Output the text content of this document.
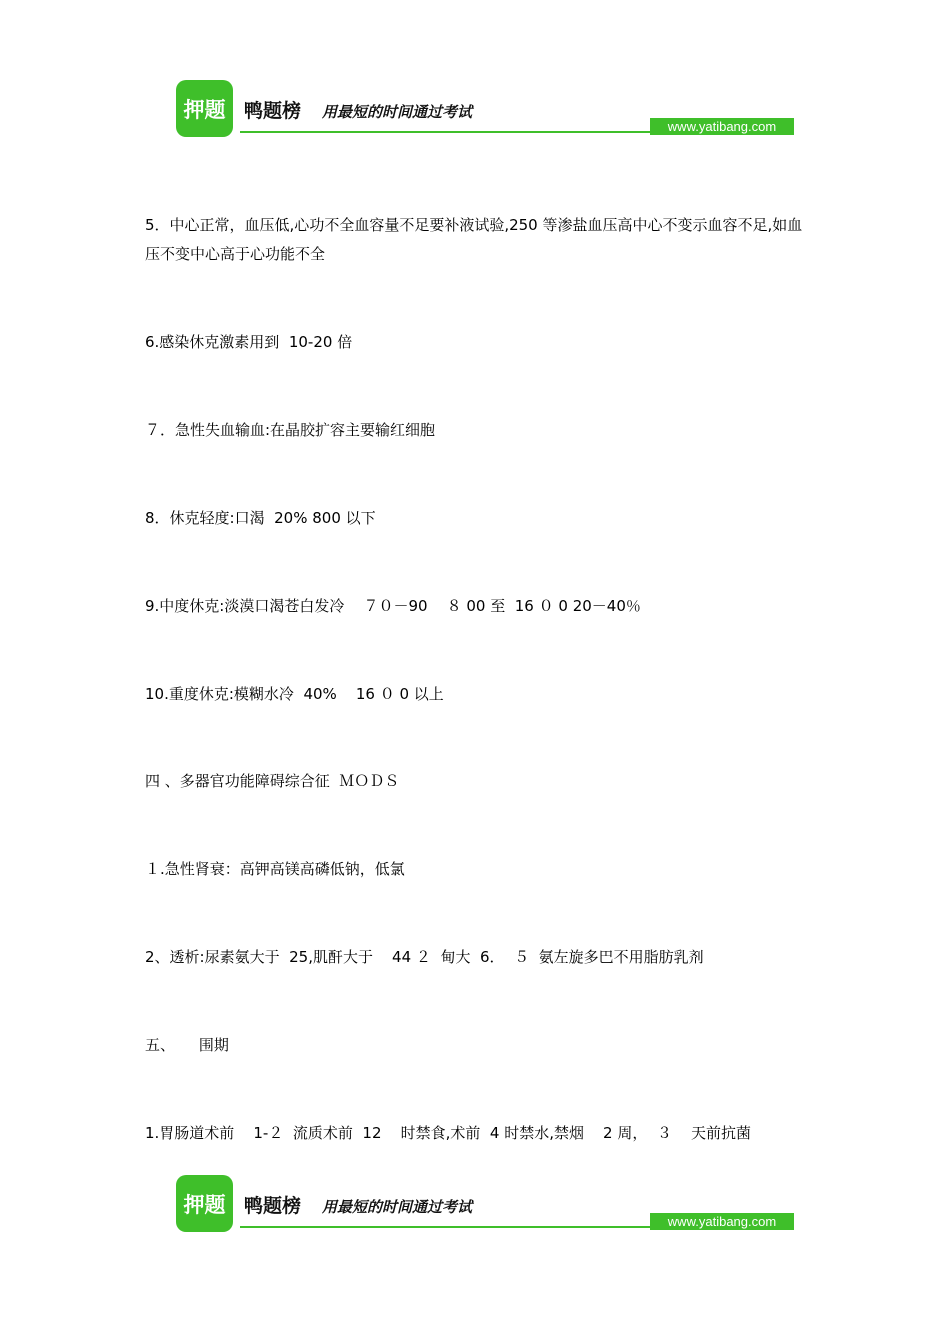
押题 鸭题榜 用最短的时间通过考试
www.yatibang.com
5．中心正常，血压低,心功不全血容量不足要补液试验,250 等渗盐血压高中心不变示血容不足,如血压不变中心高于心功能不全
6.感染休克激素用到  10-20 倍
７．急性失血输血:在晶胶扩容主要输红细胞
8．休克轻度:口渴  20% 800 以下
9.中度休克:淡漠口渴苍白发冷    ７０－90    ８ 00 至  16 ０ 0 20－40％
10.重度休克:模糊水冷  40%    16 ０ 0 以上
四 、多器官功能障碍综合征  ＭＯＤＳ
１.急性肾衰：高钾高镁高磷低钠，低氯
2、透析:尿素氨大于  25,肌酐大于    44 ２  甸大  6．  ５  氨左旋多巴不用脂肪乳剂
五、     围期
1.胃肠道术前    1-２  流质术前  12    时禁食,术前  4 时禁水,禁烟    2 周，  ３    天前抗菌
押题 鸭题榜 用最短的时间通过考试
www.yatibang.com
